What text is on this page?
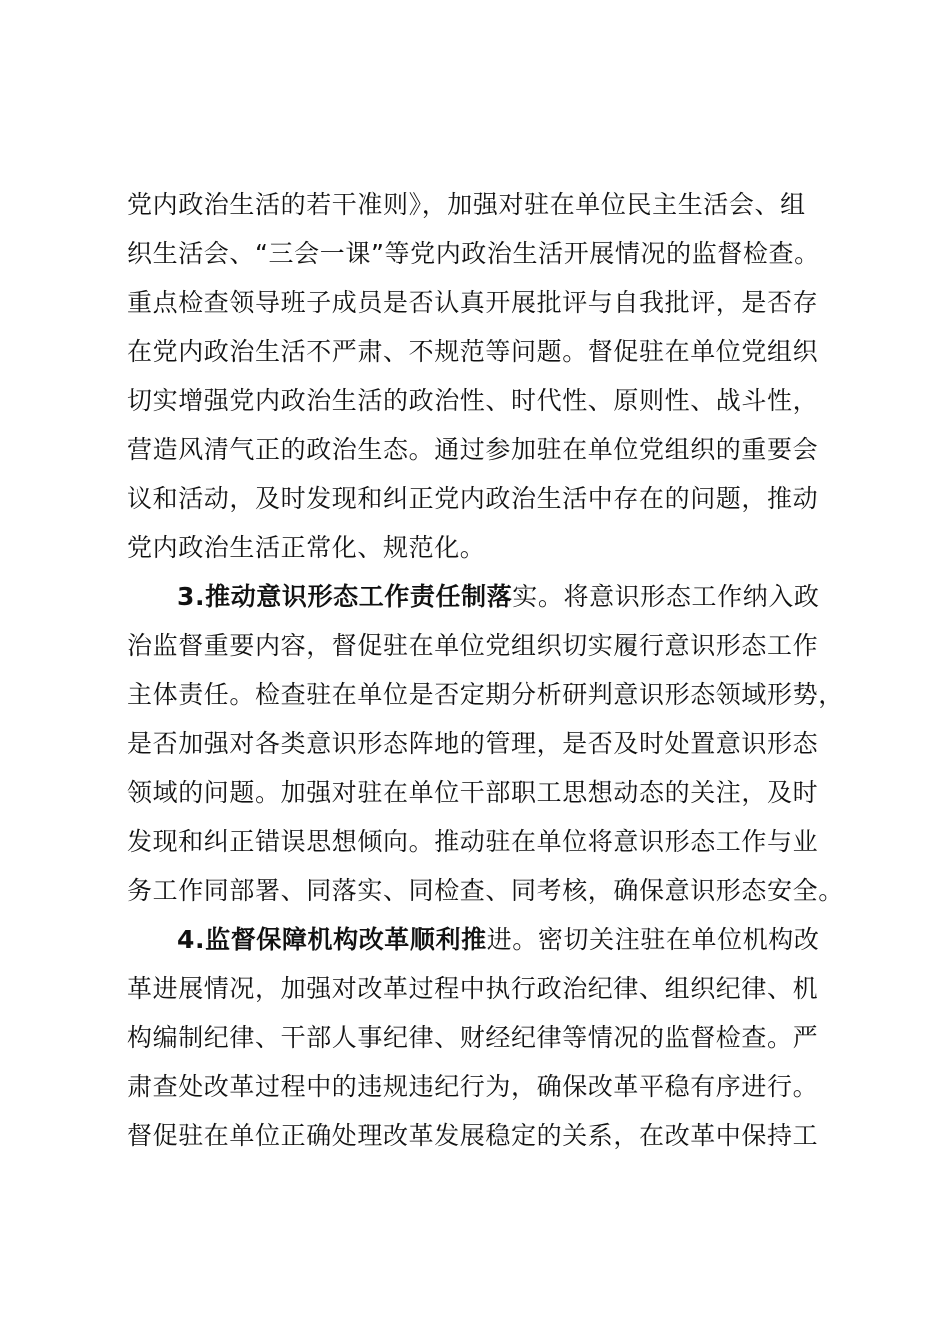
党内政治生活的若干准则》，加强对驻在单位民主生活会、组
织生活会、“三会一课”等党内政治生活开展情况的监督检查。
重点检查领导班子成员是否认真开展批评与自我批评，是否存
在党内政治生活不严肃、不规范等问题。督促驻在单位党组织
切实增强党内政治生活的政治性、时代性、原则性、战斗性，
营造风清气正的政治生态。通过参加驻在单位党组织的重要会
议和活动，及时发现和纠正党内政治生活中存在的问题，推动
党内政治生活正常化、规范化。
3.推动意识形态工作责任制落实。将意识形态工作纳入政
治监督重要内容，督促驻在单位党组织切实履行意识形态工作
主体责任。检查驻在单位是否定期分析研判意识形态领域形势，
是否加强对各类意识形态阵地的管理，是否及时处置意识形态
领域的问题。加强对驻在单位干部职工思想动态的关注，及时
发现和纠正错误思想倾向。推动驻在单位将意识形态工作与业
务工作同部署、同落实、同检查、同考核，确保意识形态安全。
4.监督保障机构改革顺利推进。密切关注驻在单位机构改
革进展情况，加强对改革过程中执行政治纪律、组织纪律、机
构编制纪律、干部人事纪律、财经纪律等情况的监督检查。严
肃查处改革过程中的违规违纪行为，确保改革平稳有序进行。
督促驻在单位正确处理改革发展稳定的关系，在改革中保持工
